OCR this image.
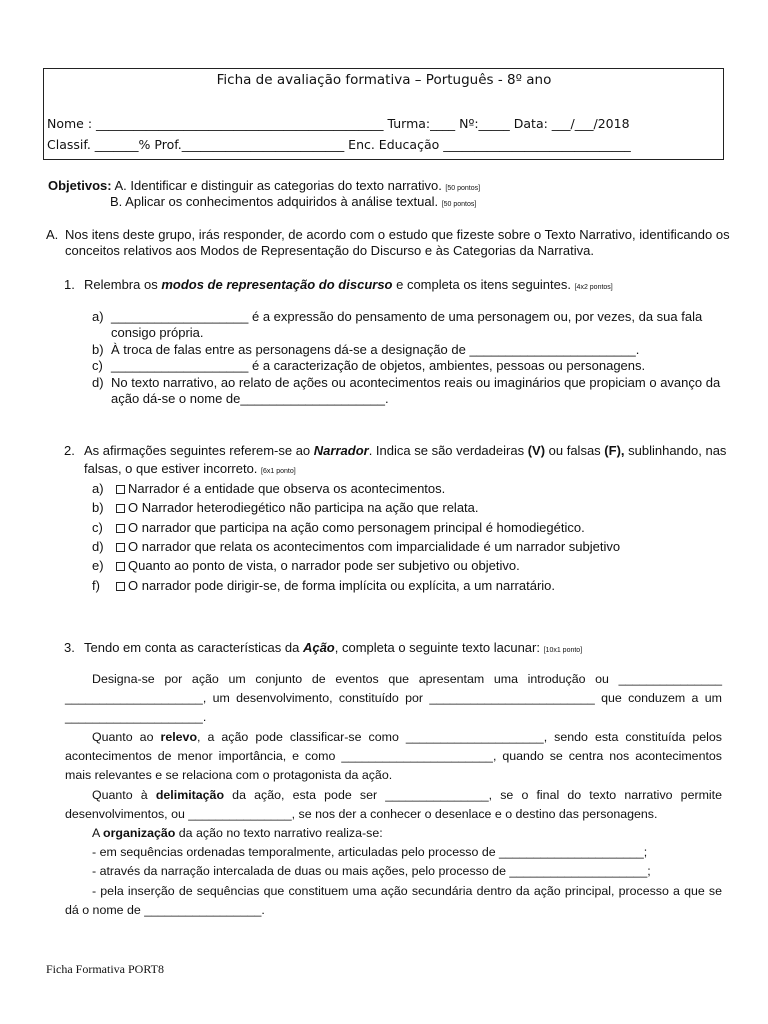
Ficha de avaliação formativa – Português - 8º ano
Nome : ______________________________________________ Turma:____ Nº:_____ Data: ___/___/2018
Classif. _______% Prof.__________________________ Enc. Educação ______________________________
Objetivos: A. Identificar e distinguir as categorias do texto narrativo. [50 pontos]
B. Aplicar os conhecimentos adquiridos à análise textual. [50 pontos]
A. Nos itens deste grupo, irás responder, de acordo com o estudo que fizeste sobre o Texto Narrativo, identificando os
conceitos relativos aos Modos de Representação do Discurso e às Categorias da Narrativa.
1. Relembra os modos de representação do discurso e completa os itens seguintes. [4x2 pontos]
a) ___________________ é a expressão do pensamento de uma personagem ou, por vezes, da sua fala
consigo própria.
b) À troca de falas entre as personagens dá-se a designação de _______________________.
c) ___________________ é a caracterização de objetos, ambientes, pessoas ou personagens.
d) No texto narrativo, ao relato de ações ou acontecimentos reais ou imaginários que propiciam o avanço da
ação dá-se o nome de____________________.
2. As afirmações seguintes referem-se ao Narrador. Indica se são verdadeiras (V) ou falsas (F), sublinhando, nas
falsas, o que estiver incorreto. [6x1 ponto]
a)	Narrador é a entidade que observa os acontecimentos.
b)	O Narrador heterodiegético não participa na ação que relata.
c)	O narrador que participa na ação como personagem principal é homodiegético.
d)	O narrador que relata os acontecimentos com imparcialidade é um narrador subjetivo
e)	Quanto ao ponto de vista, o narrador pode ser subjetivo ou objetivo.
f)	O narrador pode dirigir-se, de forma implícita ou explícita, a um narratário.
3. Tendo em conta as características da Ação, completa o seguinte texto lacunar: [10x1 ponto]
Designa-se por ação um conjunto de eventos que apresentam uma introdução ou _______________
____________________, um desenvolvimento, constituído por ________________________ que conduzem a um
____________________.
Quanto ao relevo, a ação pode classificar-se como ____________________, sendo esta constituída pelos
acontecimentos de menor importância, e como ______________________, quando se centra nos acontecimentos
mais relevantes e se relaciona com o protagonista da ação.
Quanto à delimitação da ação, esta pode ser _______________, se o final do texto narrativo permite
desenvolvimentos, ou _______________, se nos der a conhecer o desenlace e o destino das personagens.
A organização da ação no texto narrativo realiza-se:
- em sequências ordenadas temporalmente, articuladas pelo processo de _____________________;
- através da narração intercalada de duas ou mais ações, pelo processo de ____________________;
- pela inserção de sequências que constituem uma ação secundária dentro da ação principal, processo a que se
dá o nome de _________________.
Ficha Formativa PORT8
